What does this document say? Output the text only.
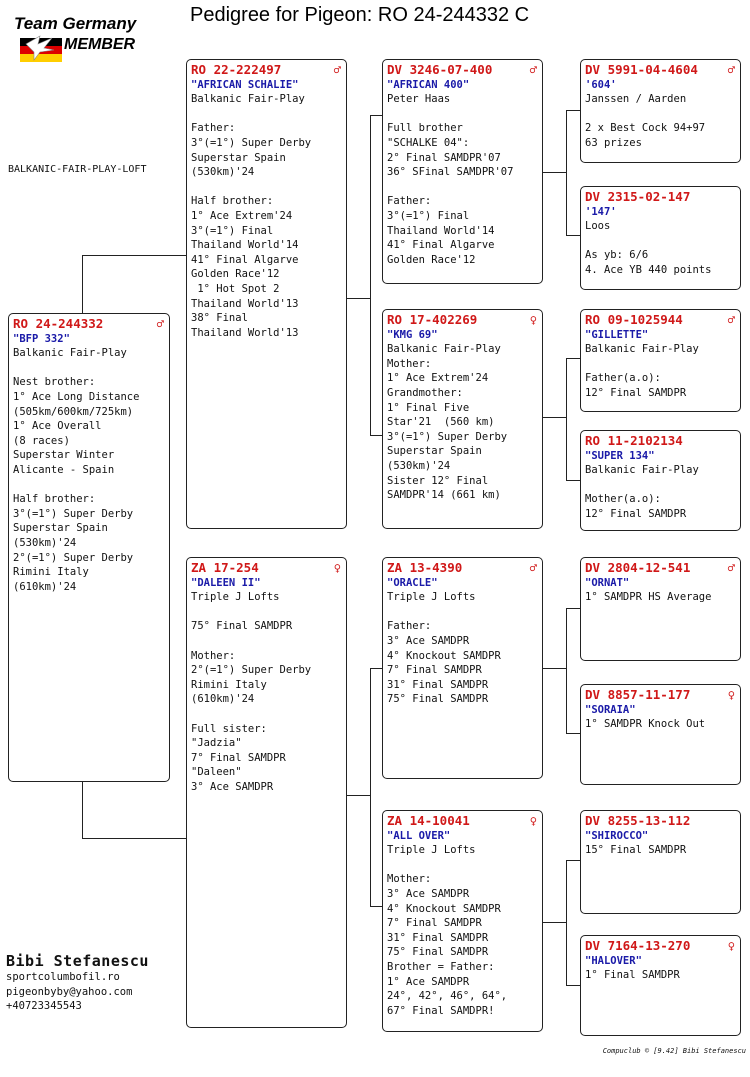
Team Germany
MEMBER
Pedigree for Pigeon: RO 24-244332 C
BALKANIC-FAIR-PLAY-LOFT
RO 24-244332	♂
"BFP 332"
Balkanic Fair-Play
Nest brother:
1° Ace Long Distance
(505km/600km/725km)
1° Ace Overall
(8 races)
Superstar Winter
Alicante - Spain
Half brother:
3°(=1°) Super Derby
Superstar Spain
(530km)'24
2°(=1°) Super Derby
Rimini Italy
(610km)'24
RO 22-222497	♂
"AFRICAN SCHALIE"
Balkanic Fair-Play
Father:
3°(=1°) Super Derby
Superstar Spain
(530km)'24
Half brother:
1° Ace Extrem'24
3°(=1°) Final
Thailand World'14
41° Final Algarve
Golden Race'12
1° Hot Spot 2
Thailand World'13
38° Final
Thailand World'13
ZA 17-254	♀
"DALEEN II"
Triple J Lofts
75° Final SAMDPR
Mother:
2°(=1°) Super Derby
Rimini Italy
(610km)'24
Full sister:
"Jadzia"
7° Final SAMDPR
"Daleen"
3° Ace SAMDPR
DV 3246-07-400	♂
"AFRICAN 400"
Peter Haas
Full brother
"SCHALKE 04":
2° Final SAMDPR'07
36° SFinal SAMDPR'07
Father:
3°(=1°) Final
Thailand World'14
41° Final Algarve
Golden Race'12
RO 17-402269	♀
"KMG 69"
Balkanic Fair-Play
Mother:
1° Ace Extrem'24
Grandmother:
1° Final Five
Star'21  (560 km)
3°(=1°) Super Derby
Superstar Spain
(530km)'24
Sister 12° Final
SAMDPR'14 (661 km)
ZA 13-4390	♂
"ORACLE"
Triple J Lofts
Father:
3° Ace SAMDPR
4° Knockout SAMDPR
7° Final SAMDPR
31° Final SAMDPR
75° Final SAMDPR
ZA 14-10041	♀
"ALL OVER"
Triple J Lofts
Mother:
3° Ace SAMDPR
4° Knockout SAMDPR
7° Final SAMDPR
31° Final SAMDPR
75° Final SAMDPR
Brother = Father:
1° Ace SAMDPR
24°, 42°, 46°, 64°,
67° Final SAMDPR!
DV 5991-04-4604	♂
'604'
Janssen / Aarden
2 x Best Cock 94+97
63 prizes
DV 2315-02-147
'147'
Loos
As yb: 6/6
4. Ace YB 440 points
RO 09-1025944	♂
"GILLETTE"
Balkanic Fair-Play
Father(a.o):
12° Final SAMDPR
RO 11-2102134
"SUPER 134"
Balkanic Fair-Play
Mother(a.o):
12° Final SAMDPR
DV 2804-12-541	♂
"ORNAT"
1° SAMDPR HS Average
DV 8857-11-177	♀
"SORAIA"
1° SAMDPR Knock Out
DV 8255-13-112
"SHIROCCO"
15° Final SAMDPR
DV 7164-13-270	♀
"HALOVER"
1° Final SAMDPR
Bibi Stefanescu
sportcolumbofil.ro
pigeonbyby@yahoo.com
+40723345543
Compuclub © [9.42] Bibi Stefanescu
